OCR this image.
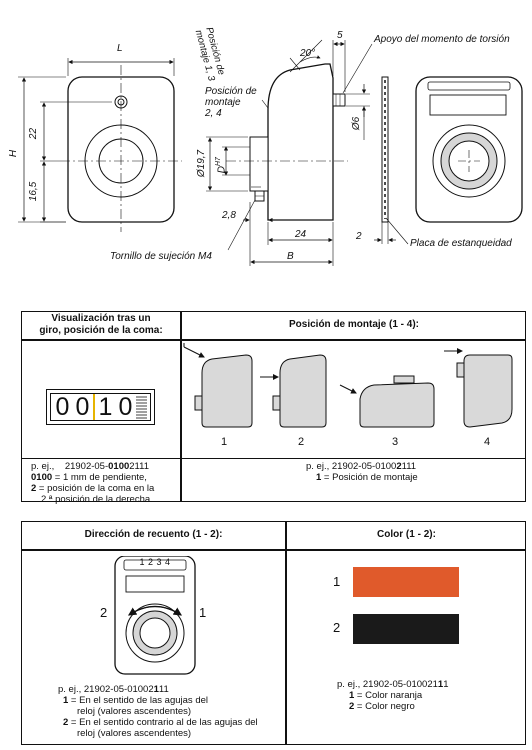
L
H
22
16,5
20°
5
Ø6
Ø19,7 $D^{H7}$
2,8
24
B
2
Posición de montaje 1, 3
Posición de
montaje
2, 4
Apoyo del momento de torsión
Tornillo de sujeción M4
Placa de estanqueidad
Visualización tras un
giro, posición de la coma:
Posición de montaje (1 - 4):
0 0 1 0
1	2	3	4
p. ej., 21902-05-01002111
0100 = 1 mm de pendiente,
2 = posición de la coma en la
2.ª posición de la derecha.
p. ej., 21902-05-01002111
1 = Posición de montaje
Dirección de recuento (1 - 2):	Color (1 - 2):
1 2 3 4
2	1
1
2
p. ej., 21902-05-01002111
1 = En el sentido de las agujas del
reloj (valores ascendentes)
2 = En el sentido contrario al de las agujas del
reloj (valores ascendentes)
p. ej., 21902-05-01002111
1 = Color naranja
2 = Color negro
